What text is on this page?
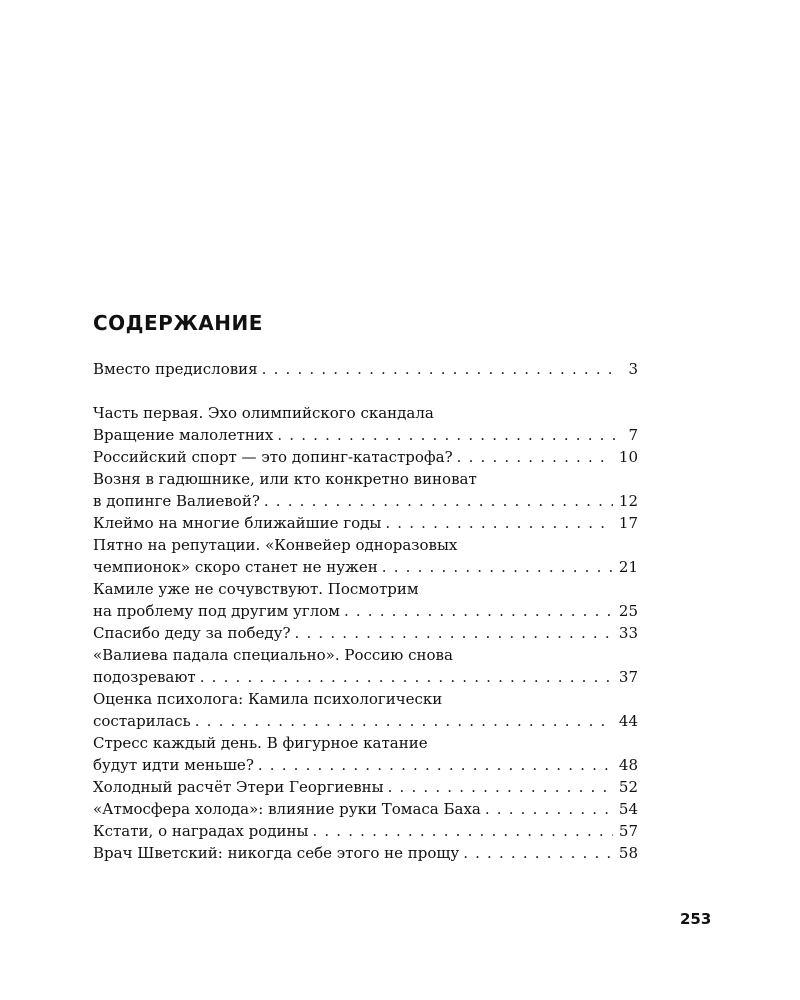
СОДЕРЖАНИЕ
Вместо предисловия . . .	3
Часть первая. Эхо олимпийского скандала
Вращение малолетних . . .	7
Российский спорт — это допинг-катастрофа? . . .	10
Возня в гадюшнике, или кто конкретно виноват
в допинге Валиевой? . . .	12
Клеймо на многие ближайшие годы . . .	17
Пятно на репутации. «Конвейер одноразовых
чемпионок» скоро станет не нужен . . .	21
Камиле уже не сочувствуют. Посмотрим
на проблему под другим углом . . .	25
Спасибо деду за победу? . . .	33
«Валиева падала специально». Россию снова
подозревают . . .	37
Оценка психолога: Камила психологически
состарилась . . .	44
Стресс каждый день. В фигурное катание
будут идти меньше? . . .	48
Холодный расчёт Этери Георгиевны . . .	52
«Атмосфера холода»: влияние руки Томаса Баха . . .	54
Кстати, о наградах родины . . .	57
Врач Шветский: никогда себе этого не прощу . . .	58
253
